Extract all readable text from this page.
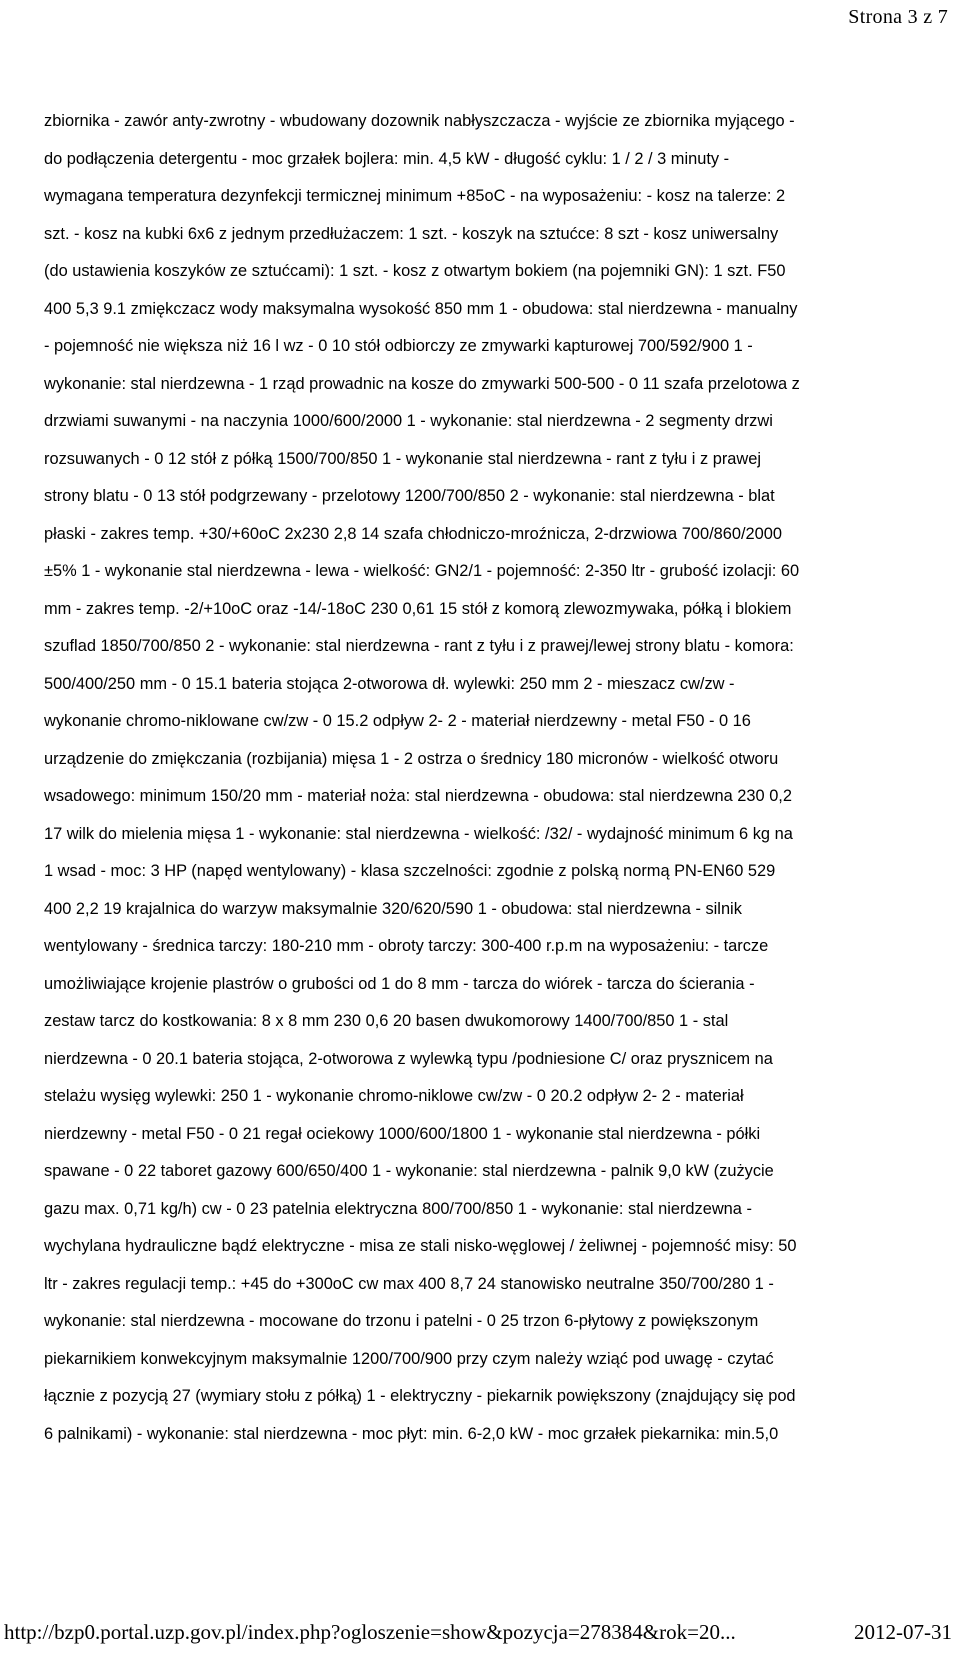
Strona 3 z 7
zbiornika - zawór anty-zwrotny - wbudowany dozownik nabłyszczacza - wyjście ze zbiornika myjącego -
do podłączenia detergentu - moc grzałek bojlera: min. 4,5 kW - długość cyklu: 1 / 2 / 3 minuty -
wymagana temperatura dezynfekcji termicznej minimum +85oC - na wyposażeniu: - kosz na talerze: 2
szt. - kosz na kubki 6x6 z jednym przedłużaczem: 1 szt. - koszyk na sztućce: 8 szt - kosz uniwersalny
(do ustawienia koszyków ze sztućcami): 1 szt. - kosz z otwartym bokiem (na pojemniki GN): 1 szt. F50
400 5,3 9.1 zmiękczacz wody maksymalna wysokość 850 mm 1 - obudowa: stal nierdzewna - manualny
- pojemność nie większa niż 16 l wz - 0 10 stół odbiorczy ze zmywarki kapturowej 700/592/900 1 -
wykonanie: stal nierdzewna - 1 rząd prowadnic na kosze do zmywarki 500-500 - 0 11 szafa przelotowa z
drzwiami suwanymi - na naczynia 1000/600/2000 1 - wykonanie: stal nierdzewna - 2 segmenty drzwi
rozsuwanych - 0 12 stół z półką 1500/700/850 1 - wykonanie stal nierdzewna - rant z tyłu i z prawej
strony blatu - 0 13 stół podgrzewany - przelotowy 1200/700/850 2 - wykonanie: stal nierdzewna - blat
płaski - zakres temp. +30/+60oC 2x230 2,8 14 szafa chłodniczo-mroźnicza, 2-drzwiowa 700/860/2000
±5% 1 - wykonanie stal nierdzewna - lewa - wielkość: GN2/1 - pojemność: 2-350 ltr - grubość izolacji: 60
mm - zakres temp. -2/+10oC oraz -14/-18oC 230 0,61 15 stół z komorą zlewozmywaka, półką i blokiem
szuflad 1850/700/850 2 - wykonanie: stal nierdzewna - rant z tyłu i z prawej/lewej strony blatu - komora:
500/400/250 mm - 0 15.1 bateria stojąca 2-otworowa dł. wylewki: 250 mm 2 - mieszacz cw/zw -
wykonanie chromo-niklowane cw/zw - 0 15.2 odpływ 2- 2 - materiał nierdzewny - metal F50 - 0 16
urządzenie do zmiękczania (rozbijania) mięsa 1 - 2 ostrza o średnicy 180 micronów - wielkość otworu
wsadowego: minimum 150/20 mm - materiał noża: stal nierdzewna - obudowa: stal nierdzewna 230 0,2
17 wilk do mielenia mięsa 1 - wykonanie: stal nierdzewna - wielkość: /32/ - wydajność minimum 6 kg na
1 wsad - moc: 3 HP (napęd wentylowany) - klasa szczelności: zgodnie z polską normą PN-EN60 529
400 2,2 19 krajalnica do warzyw maksymalnie 320/620/590 1 - obudowa: stal nierdzewna - silnik
wentylowany - średnica tarczy: 180-210 mm - obroty tarczy: 300-400 r.p.m na wyposażeniu: - tarcze
umożliwiające krojenie plastrów o grubości od 1 do 8 mm - tarcza do wiórek - tarcza do ścierania -
zestaw tarcz do kostkowania: 8 x 8 mm 230 0,6 20 basen dwukomorowy 1400/700/850 1 - stal
nierdzewna - 0 20.1 bateria stojąca, 2-otworowa z wylewką typu /podniesione C/ oraz prysznicem na
stelażu wysięg wylewki: 250 1 - wykonanie chromo-niklowe cw/zw - 0 20.2 odpływ 2- 2 - materiał
nierdzewny - metal F50 - 0 21 regał ociekowy 1000/600/1800 1 - wykonanie stal nierdzewna - półki
spawane - 0 22 taboret gazowy 600/650/400 1 - wykonanie: stal nierdzewna - palnik 9,0 kW (zużycie
gazu max. 0,71 kg/h) cw - 0 23 patelnia elektryczna 800/700/850 1 - wykonanie: stal nierdzewna -
wychylana hydrauliczne bądź elektryczne - misa ze stali nisko-węglowej / żeliwnej - pojemność misy: 50
ltr - zakres regulacji temp.: +45 do +300oC cw max 400 8,7 24 stanowisko neutralne 350/700/280 1 -
wykonanie: stal nierdzewna - mocowane do trzonu i patelni - 0 25 trzon 6-płytowy z powiększonym
piekarnikiem konwekcyjnym maksymalnie 1200/700/900 przy czym należy wziąć pod uwagę - czytać
łącznie z pozycją 27 (wymiary stołu z półką) 1 - elektryczny - piekarnik powiększony (znajdujący się pod
6 palnikami) - wykonanie: stal nierdzewna - moc płyt: min. 6-2,0 kW - moc grzałek piekarnika: min.5,0
http://bzp0.portal.uzp.gov.pl/index.php?ogloszenie=show&pozycja=278384&rok=20...	2012-07-31
